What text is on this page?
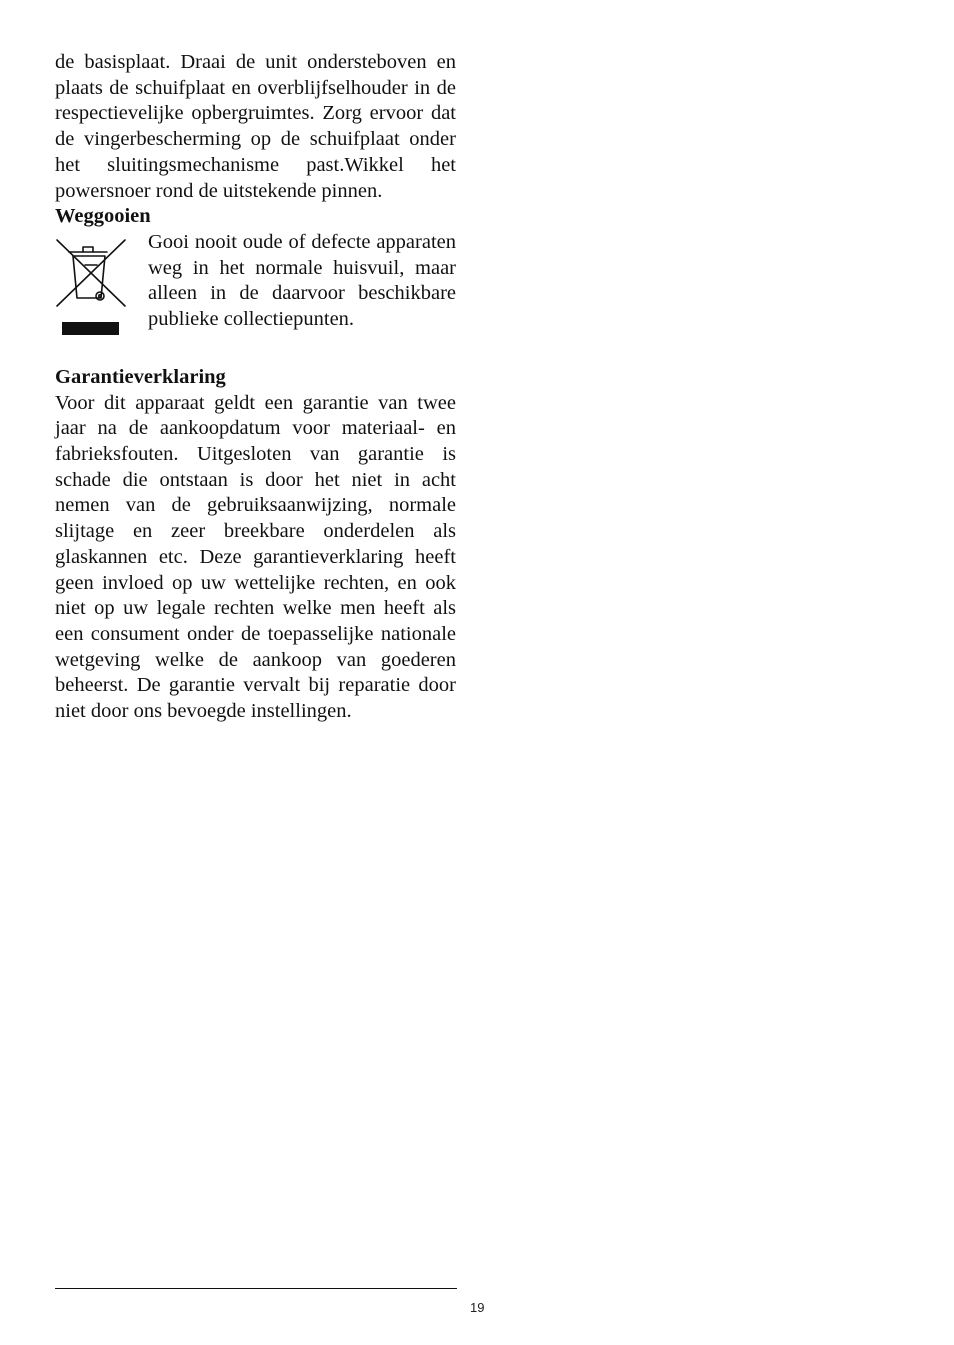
de basisplaat. Draai de unit ondersteboven en plaats de schuifplaat en overblijfselhouder in de respectievelijke opbergruimtes. Zorg ervoor dat de vingerbescherming op de schuifplaat onder het sluitingsmechanisme past.Wikkel het powersnoer rond de uitstekende pinnen.

Weggooien

Gooi nooit oude of defecte apparaten weg in het normale huisvuil, maar alleen in de daarvoor beschikbare publieke collectiepunten.

Garantieverklaring

Voor dit apparaat geldt een garantie van twee jaar na de aankoopdatum voor materiaal- en fabrieksfouten. Uitgesloten van garantie is schade die ontstaan is door het niet in acht nemen van de gebruiksaanwijzing, normale slijtage en zeer breekbare onderdelen als glaskannen etc. Deze garantieverklaring heeft geen invloed op uw wettelijke rechten, en ook niet op uw legale rechten welke men heeft als een consument onder de toepasselijke nationale wetgeving welke de aankoop van goederen beheerst. De garantie vervalt bij reparatie door niet door ons bevoegde instellingen.

19
